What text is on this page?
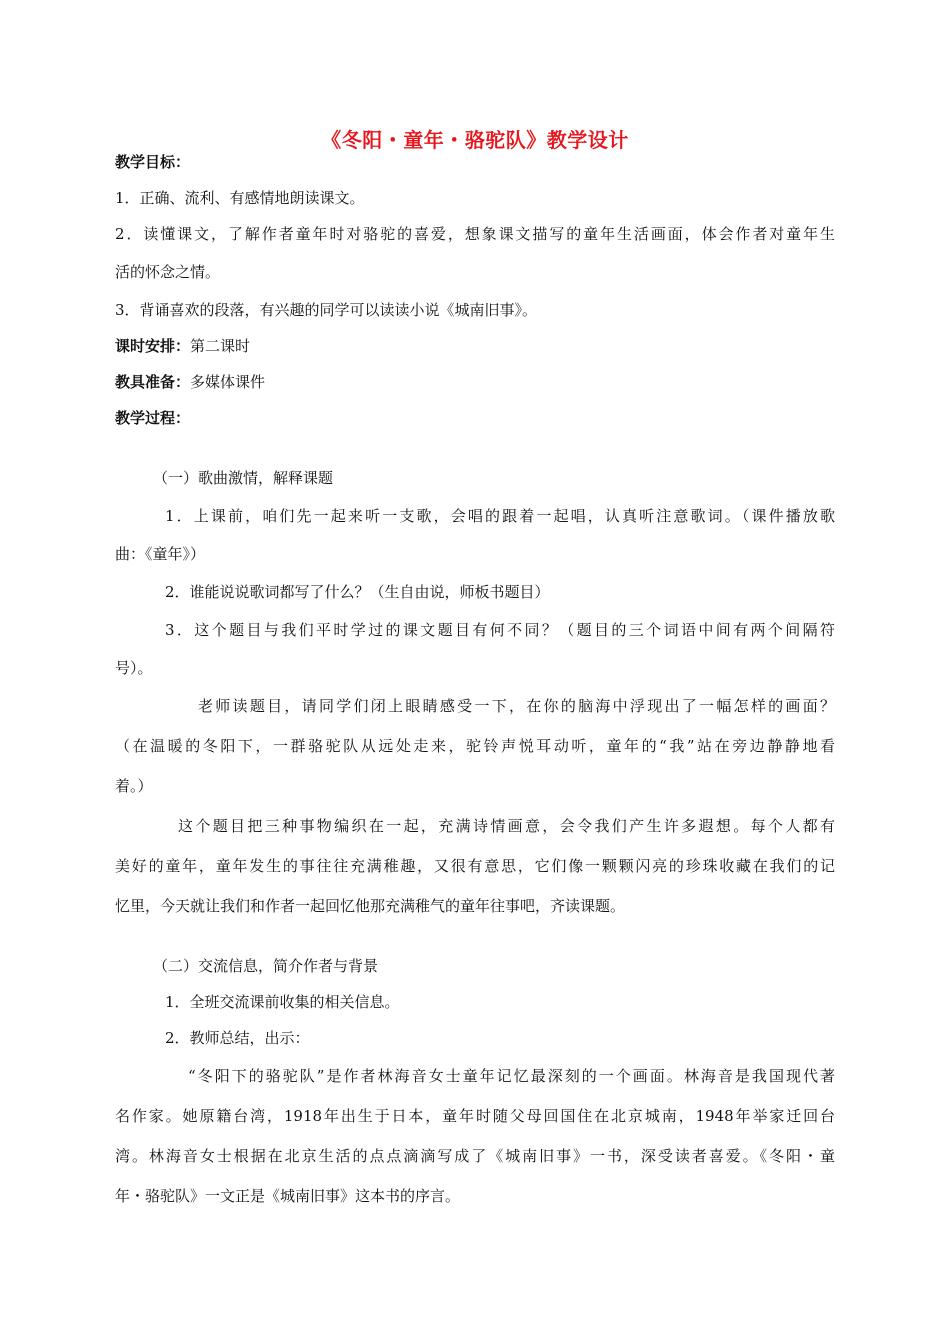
《冬阳・童年・骆驼队》教学设计
教学目标：
1．正确、流利、有感情地朗读课文。
2．读懂课文，了解作者童年时对骆驼的喜爱，想象课文描写的童年生活画面，体会作者对童年生
活的怀念之情。
3．背诵喜欢的段落，有兴趣的同学可以读读小说《城南旧事》。
课时安排：第二课时
教具准备：多媒体课件
教学过程：
（一）歌曲激情，解释课题
1．上课前，咱们先一起来听一支歌，会唱的跟着一起唱，认真听注意歌词。（课件播放歌
曲：《童年》）
2．谁能说说歌词都写了什么？（生自由说，师板书题目）
3．这个题目与我们平时学过的课文题目有何不同？（题目的三个词语中间有两个间隔符
号）。
老师读题目，请同学们闭上眼睛感受一下，在你的脑海中浮现出了一幅怎样的画面？
（在温暖的冬阳下，一群骆驼队从远处走来，驼铃声悦耳动听，童年的“我”站在旁边静静地看
着。）
这个题目把三种事物编织在一起，充满诗情画意，会令我们产生许多遐想。每个人都有
美好的童年，童年发生的事往往充满稚趣，又很有意思，它们像一颗颗闪亮的珍珠收藏在我们的记
忆里，今天就让我们和作者一起回忆他那充满稚气的童年往事吧，齐读课题。
（二）交流信息，简介作者与背景
1．全班交流课前收集的相关信息。
2．教师总结，出示：
“冬阳下的骆驼队”是作者林海音女士童年记忆最深刻的一个画面。林海音是我国现代著
名作家。她原籍台湾，1918年出生于日本，童年时随父母回国住在北京城南，1948年举家迁回台
湾。林海音女士根据在北京生活的点点滴滴写成了《城南旧事》一书，深受读者喜爱。《冬阳・童
年・骆驼队》一文正是《城南旧事》这本书的序言。
